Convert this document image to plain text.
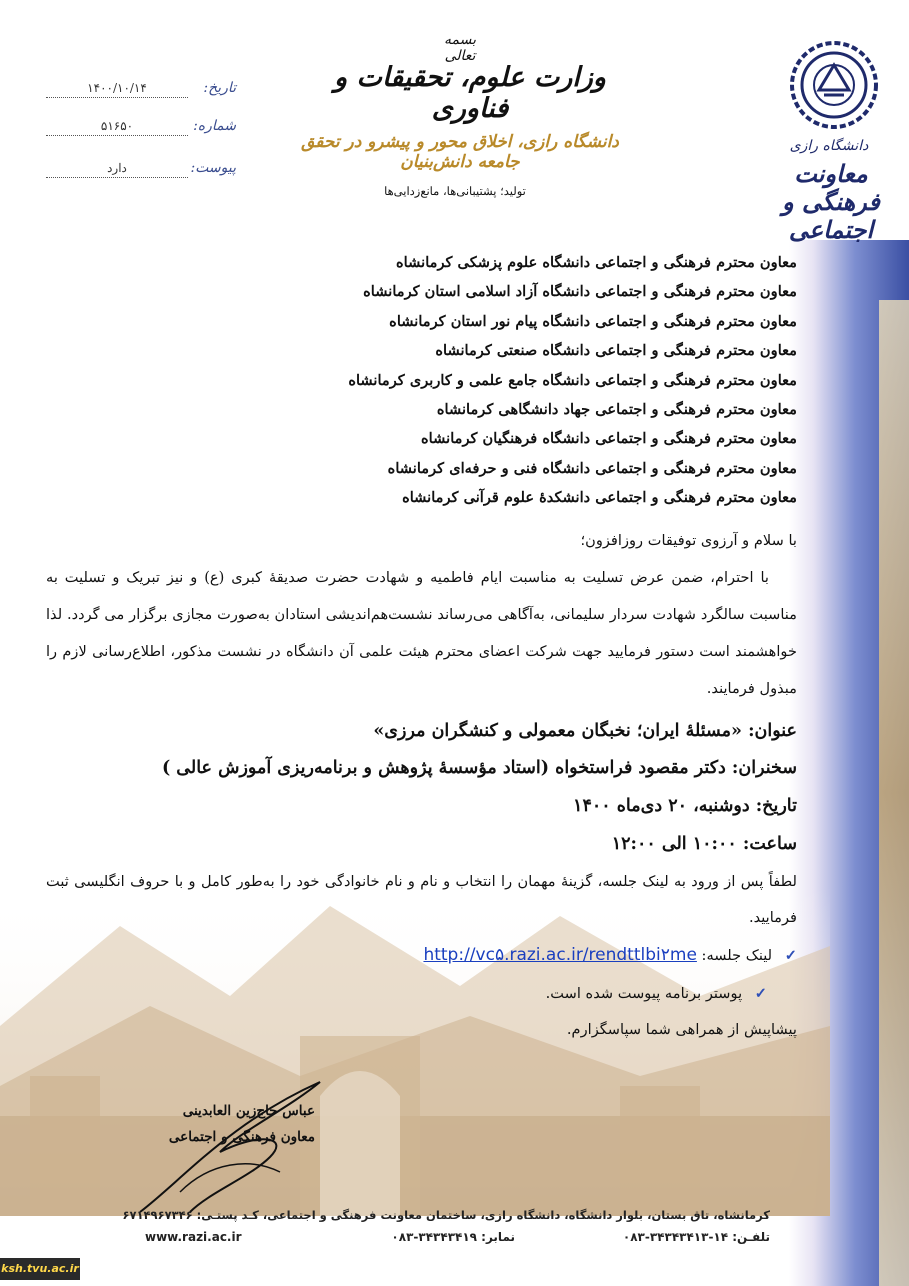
دانشگاه رازی
معاونت
فرهنگی و اجتماعی
بسمه تعالی
وزارت علوم، تحقیقات و فناوری
دانشگاه رازی، اخلاق محور و پیشرو در تحقق جامعه دانش‌بنیان
تولید؛ پشتیبانی‌ها، مانع‌زدایی‌ها
تاریخ:
۱۴۰۰/۱۰/۱۴
شماره:
۵۱۶۵۰
پیوست:
دارد
معاون محترم فرهنگی و اجتماعی دانشگاه علوم پزشکی کرمانشاه
معاون محترم فرهنگی و اجتماعی دانشگاه آزاد اسلامی استان کرمانشاه
معاون محترم فرهنگی و اجتماعی دانشگاه پیام نور استان کرمانشاه
معاون محترم فرهنگی و اجتماعی دانشگاه صنعتی کرمانشاه
معاون محترم فرهنگی و اجتماعی دانشگاه جامع علمی و کاربری کرمانشاه
معاون محترم فرهنگی و اجتماعی جهاد دانشگاهی کرمانشاه
معاون محترم فرهنگی و اجتماعی دانشگاه فرهنگیان کرمانشاه
معاون محترم فرهنگی و اجتماعی دانشگاه فنی و حرفه‌ای کرمانشاه
معاون محترم فرهنگی و اجتماعی دانشکدۀ علوم قرآنی کرمانشاه
با سلام و آرزوی توفیقات روزافزون؛
با احترام، ضمن عرض تسلیت به مناسبت ایام فاطمیه و شهادت حضرت صدیقۀ کبری (ع) و نیز تبریک و تسلیت به مناسبت سالگرد شهادت سردار سلیمانی، به‌آگاهی می‌رساند نشست‌هم‌اندیشی استادان به‌صورت مجازی برگزار می گردد. لذا خواهشمند است دستور فرمایید جهت شرکت اعضای محترم هیئت علمی آن دانشگاه در نشست مذکور، اطلاع‌رسانی لازم را مبذول فرمایند.
عنوان: «مسئلۀ ایران؛ نخبگان معمولی و کنشگران مرزی»
سخنران: دکتر مقصود فراستخواه (استاد مؤسسۀ پژوهش و برنامه‌ریزی آموزش عالی )
تاریخ: دوشنبه، ۲۰ دی‌ماه ۱۴۰۰
ساعت: ۱۰:۰۰ الی ۱۲:۰۰
لطفاً پس از ورود به لینک جلسه، گزینۀ مهمان را انتخاب و نام و نام خانوادگی خود را به‌طور کامل و با حروف انگلیسی ثبت فرمایید.
✓ لینک جلسه: http://vc۵.razi.ac.ir/rendttlbi۲me
✓ پوستر برنامه پیوست شده است.
پیشاپیش از همراهی شما سپاسگزارم.
عباس حاج‌زین العابدینی
معاون فرهنگی و اجتماعی
کرمانشاه، تاق بستان، بلوار دانشگاه، دانشگاه رازی، ساختمان معاونت فرهنگی و اجتماعی، کـد پستـی: ۶۷۱۴۹۶۷۳۴۶
تلفـن: ۱۴-۳۴۳۴۳۴۱۳-۰۸۳
نمابر: ۳۴۳۴۳۴۱۹-۰۸۳
www.razi.ac.ir
ksh.tvu.ac.ir
